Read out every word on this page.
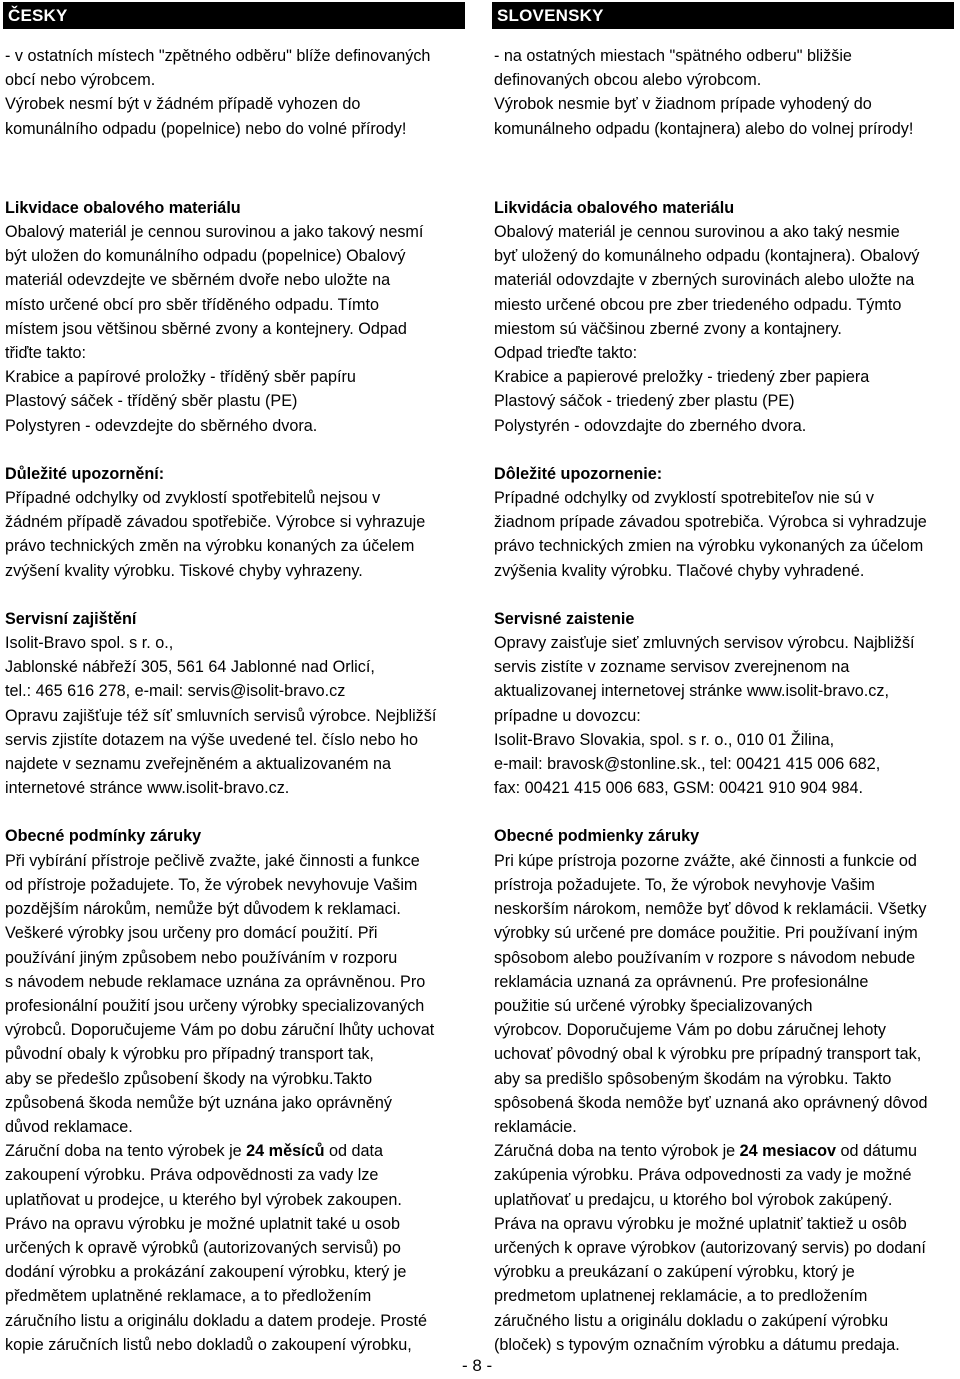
ČESKY
- v ostatních místech "zpětného odběru" blíže definovaných
obcí nebo výrobcem.
Výrobek nesmí být v žádném případě vyhozen do
komunálního odpadu (popelnice) nebo do volné přírody!
Likvidace obalového materiálu
Obalový materiál je cennou surovinou a jako takový nesmí
být uložen do komunálního odpadu (popelnice) Obalový
materiál odevzdejte ve sběrném dvoře nebo uložte na
místo určené obcí pro sběr tříděného odpadu. Tímto
místem jsou většinou sběrné zvony a kontejnery. Odpad
třiďte takto:
Krabice a papírové proložky - tříděný sběr papíru
Plastový sáček - tříděný sběr plastu (PE)
Polystyren - odevzdejte do sběrného dvora.
Důležité upozornění:
Případné odchylky od zvyklostí spotřebitelů nejsou v
žádném případě závadou spotřebiče. Výrobce si vyhrazuje
právo technických změn na výrobku konaných za účelem
zvýšení kvality výrobku. Tiskové chyby vyhrazeny.
Servisní zajištění
Isolit-Bravo spol. s r. o.,
Jablonské nábřeží 305, 561 64 Jablonné nad Orlicí,
tel.: 465 616 278, e-mail: servis@isolit-bravo.cz
Opravu zajišťuje též síť smluvních servisů výrobce. Nejbližší
servis zjistíte dotazem na výše uvedené tel. číslo nebo ho
najdete v seznamu zveřejněném a aktualizovaném na
internetové stránce www.isolit-bravo.cz.
Obecné podmínky záruky
Při vybírání přístroje pečlivě zvažte, jaké činnosti a funkce
od přístroje požadujete. To, že výrobek nevyhovuje Vašim
pozdějším nárokům, nemůže být důvodem k reklamaci.
Veškeré výrobky jsou určeny pro domácí použití. Při
používání jiným způsobem nebo používáním v rozporu
s návodem nebude reklamace uznána za oprávněnou. Pro
profesionální použití jsou určeny výrobky specializovaných
výrobců. Doporučujeme Vám po dobu záruční lhůty uchovat
původní obaly k výrobku pro případný transport tak,
aby se předešlo způsobení škody na výrobku.Takto
způsobená škoda nemůže být uznána jako oprávněný
důvod reklamace.
Záruční doba na tento výrobek je 24 měsíců od data
zakoupení výrobku. Práva odpovědnosti za vady lze
uplatňovat u prodejce, u kterého byl výrobek zakoupen.
Právo na opravu výrobku je možné uplatnit také u osob
určených k opravě výrobků (autorizovaných servisů) po
dodání výrobku a prokázání zakoupení výrobku, který je
předmětem uplatněné reklamace, a to předložením
záručního listu a originálu dokladu a datem prodeje. Prosté
kopie záručních listů nebo dokladů o zakoupení výrobku,
SLOVENSKY
- na ostatných miestach "spätného odberu" bližšie
definovaných obcou alebo výrobcom.
Výrobok nesmie byť v žiadnom prípade vyhodený do
komunálneho odpadu (kontajnera) alebo do volnej prírody!
Likvidácia obalového materiálu
Obalový materiál je cennou surovinou a ako taký nesmie
byť uložený do komunálneho odpadu (kontajnera). Obalový
materiál odovzdajte v zberných surovinách alebo uložte na
miesto určené obcou pre zber triedeného odpadu. Týmto
miestom sú väčšinou zberné zvony a kontajnery.
Odpad trieďte takto:
Krabice a papierové preložky - triedený zber papiera
Plastový sáčok - triedený zber plastu (PE)
Polystyrén - odovzdajte do zberného dvora.
Dôležité upozornenie:
Prípadné odchylky od zvyklostí spotrebiteľov nie sú v
žiadnom prípade závadou spotrebiča. Výrobca si vyhradzuje
právo technických zmien na výrobku vykonaných za účelom
zvýšenia kvality výrobku. Tlačové chyby vyhradené.
Servisné zaistenie
Opravy zaisťuje sieť zmluvných servisov výrobcu. Najbližší
servis zistíte v zozname servisov zverejnenom na
aktualizovanej internetovej stránke www.isolit-bravo.cz,
prípadne u dovozcu:
Isolit-Bravo Slovakia, spol. s r. o., 010 01 Žilina,
e-mail: bravosk@stonline.sk., tel: 00421 415 006 682,
fax: 00421 415 006 683, GSM: 00421 910 904 984.
Obecné podmienky záruky
Pri kúpe prístroja pozorne zvážte, aké činnosti a funkcie od
prístroja požadujete. To, že výrobok nevyhovje Vašim
neskorším nárokom, nemôže byť dôvod k reklamácii. Všetky
výrobky sú určené pre domáce použitie. Pri používaní iným
spôsobom alebo používaním v rozpore s návodom nebude
reklamácia uznaná za oprávnenú. Pre profesionálne
použitie sú určené výrobky špecializovaných
výrobcov. Doporučujeme Vám po dobu záručnej lehoty
uchovať pôvodný obal k výrobku pre prípadný transport tak,
aby sa predišlo spôsobeným škodám na výrobku. Takto
spôsobená škoda nemôže byť uznaná ako oprávnený dôvod
reklamácie.
Záručná doba na tento výrobok je 24 mesiacov od dátumu
zakúpenia výrobku. Práva odpovednosti za vady je možné
uplatňovať u predajcu, u ktorého bol výrobok zakúpený.
Práva na opravu výrobku je možné uplatniť taktiež u osôb
určených k oprave výrobkov (autorizovaný servis) po dodaní
výrobku a preukázaní o zakúpení výrobku, ktorý je
predmetom uplatnenej reklamácie, a to predložením
záručného listu a originálu dokladu o zakúpení výrobku
(bloček) s typovým označním výrobku a dátumu predaja.
- 8 -
